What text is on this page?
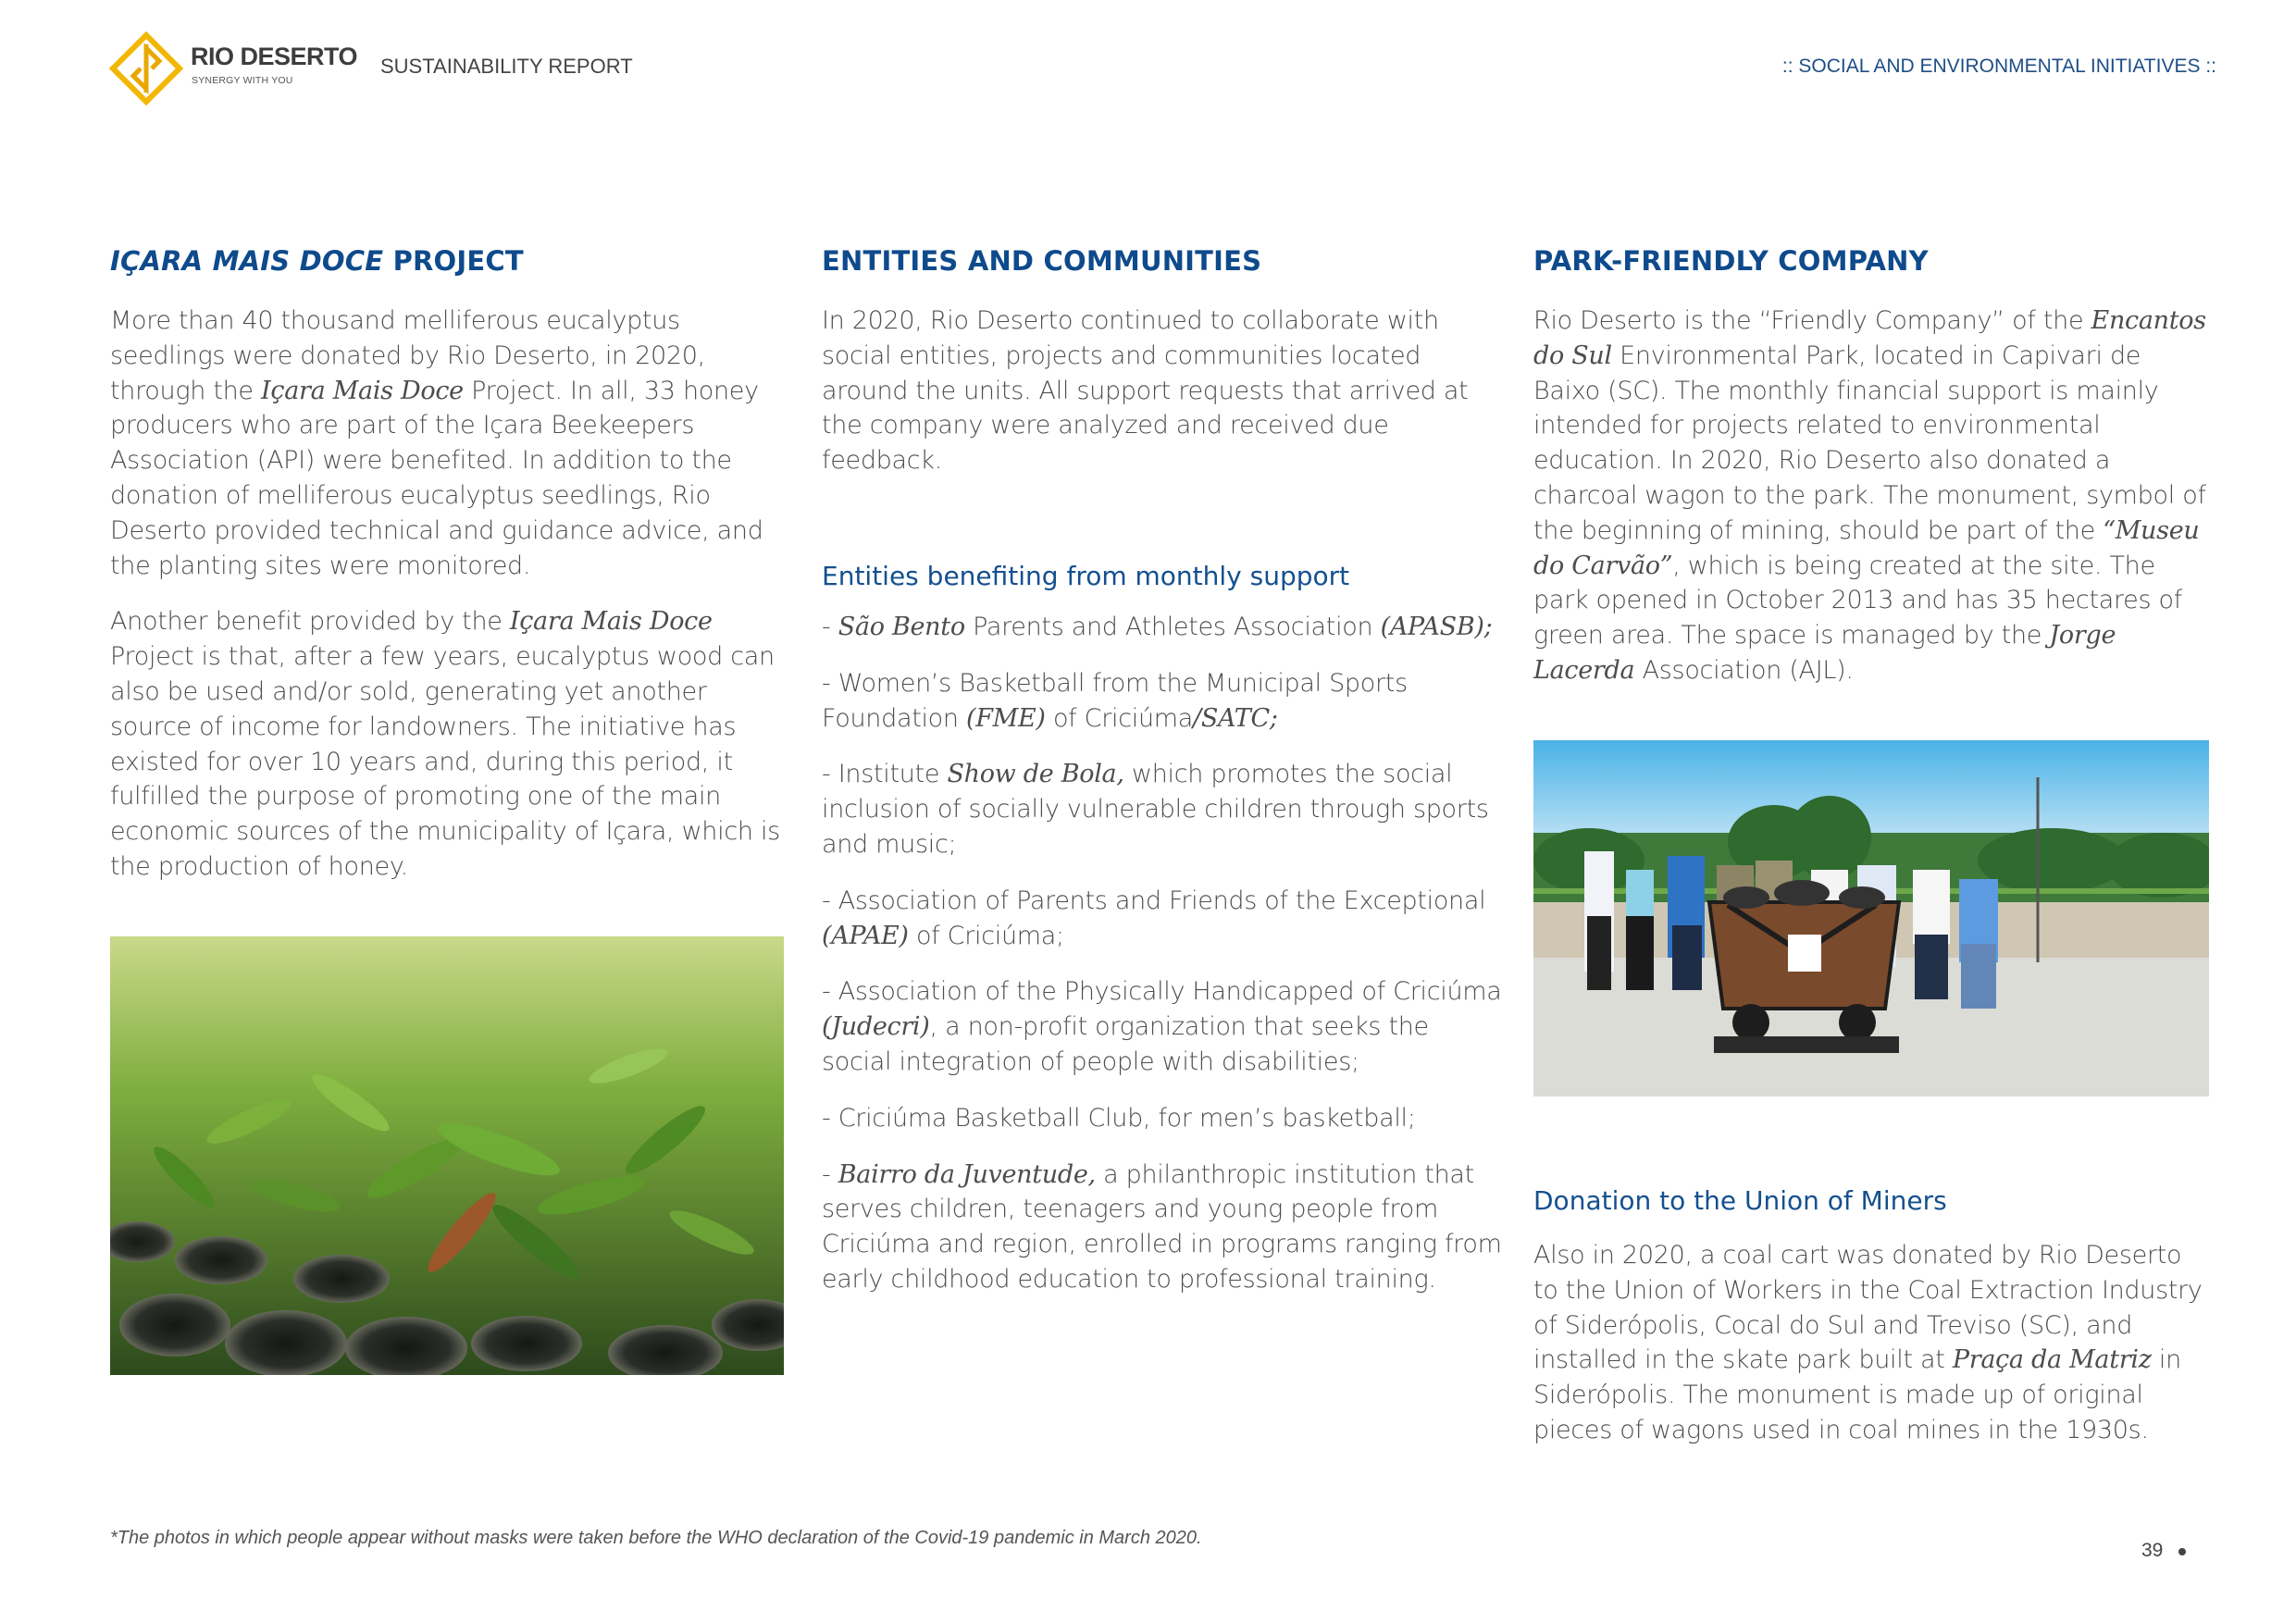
RIO DESERTO
SYNERGY WITH YOU
SUSTAINABILITY REPORT	:: SOCIAL AND ENVIRONMENTAL INITIATIVES ::
IÇARA MAIS DOCE PROJECT

More than 40 thousand melliferous eucalyptus seedlings were donated by Rio Deserto, in 2020, through the Içara Mais Doce Project. In all, 33 honey producers who are part of the Içara Beekeepers Association (API) were benefited. In addition to the donation of melliferous eucalyptus seedlings, Rio Deserto provided technical and guidance advice, and the planting sites were monitored.

Another benefit provided by the Içara Mais Doce Project is that, after a few years, eucalyptus wood can also be used and/or sold, generating yet another source of income for landowners. The initiative has existed for over 10 years and, during this period, it fulfilled the purpose of promoting one of the main economic sources of the municipality of Içara, which is the production of honey.

ENTITIES AND COMMUNITIES

In 2020, Rio Deserto continued to collaborate with social entities, projects and communities located around the units. All support requests that arrived at the company were analyzed and received due feedback.

Entities benefiting from monthly support

- São Bento Parents and Athletes Association (APASB);

- Women’s Basketball from the Municipal Sports Foundation (FME) of Criciúma/SATC;

- Institute Show de Bola, which promotes the social inclusion of socially vulnerable children through sports and music;

- Association of Parents and Friends of the Exceptional (APAE) of Criciúma;

- Association of the Physically Handicapped of Criciúma (Judecri), a non-profit organization that seeks the social integration of people with disabilities;

- Criciúma Basketball Club, for men’s basketball;

- Bairro da Juventude, a philanthropic institution that serves children, teenagers and young people from Criciúma and region, enrolled in programs ranging from early childhood education to professional training.

PARK-FRIENDLY COMPANY

Rio Deserto is the “Friendly Company” of the Encantos do Sul Environmental Park, located in Capivari de Baixo (SC). The monthly financial support is mainly intended for projects related to environmental education. In 2020, Rio Deserto also donated a charcoal wagon to the park. The monument, symbol of the beginning of mining, should be part of the “Museu do Carvão”, which is being created at the site. The park opened in October 2013 and has 35 hectares of green area. The space is managed by the Jorge Lacerda Association (AJL).

Donation to the Union of Miners

Also in 2020, a coal cart was donated by Rio Deserto to the Union of Workers in the Coal Extraction Industry of Siderópolis, Cocal do Sul and Treviso (SC), and installed in the skate park built at Praça da Matriz in Siderópolis. The monument is made up of original pieces of wagons used in coal mines in the 1930s.

*The photos in which people appear without masks were taken before the WHO declaration of the Covid-19 pandemic in March 2020.
39
